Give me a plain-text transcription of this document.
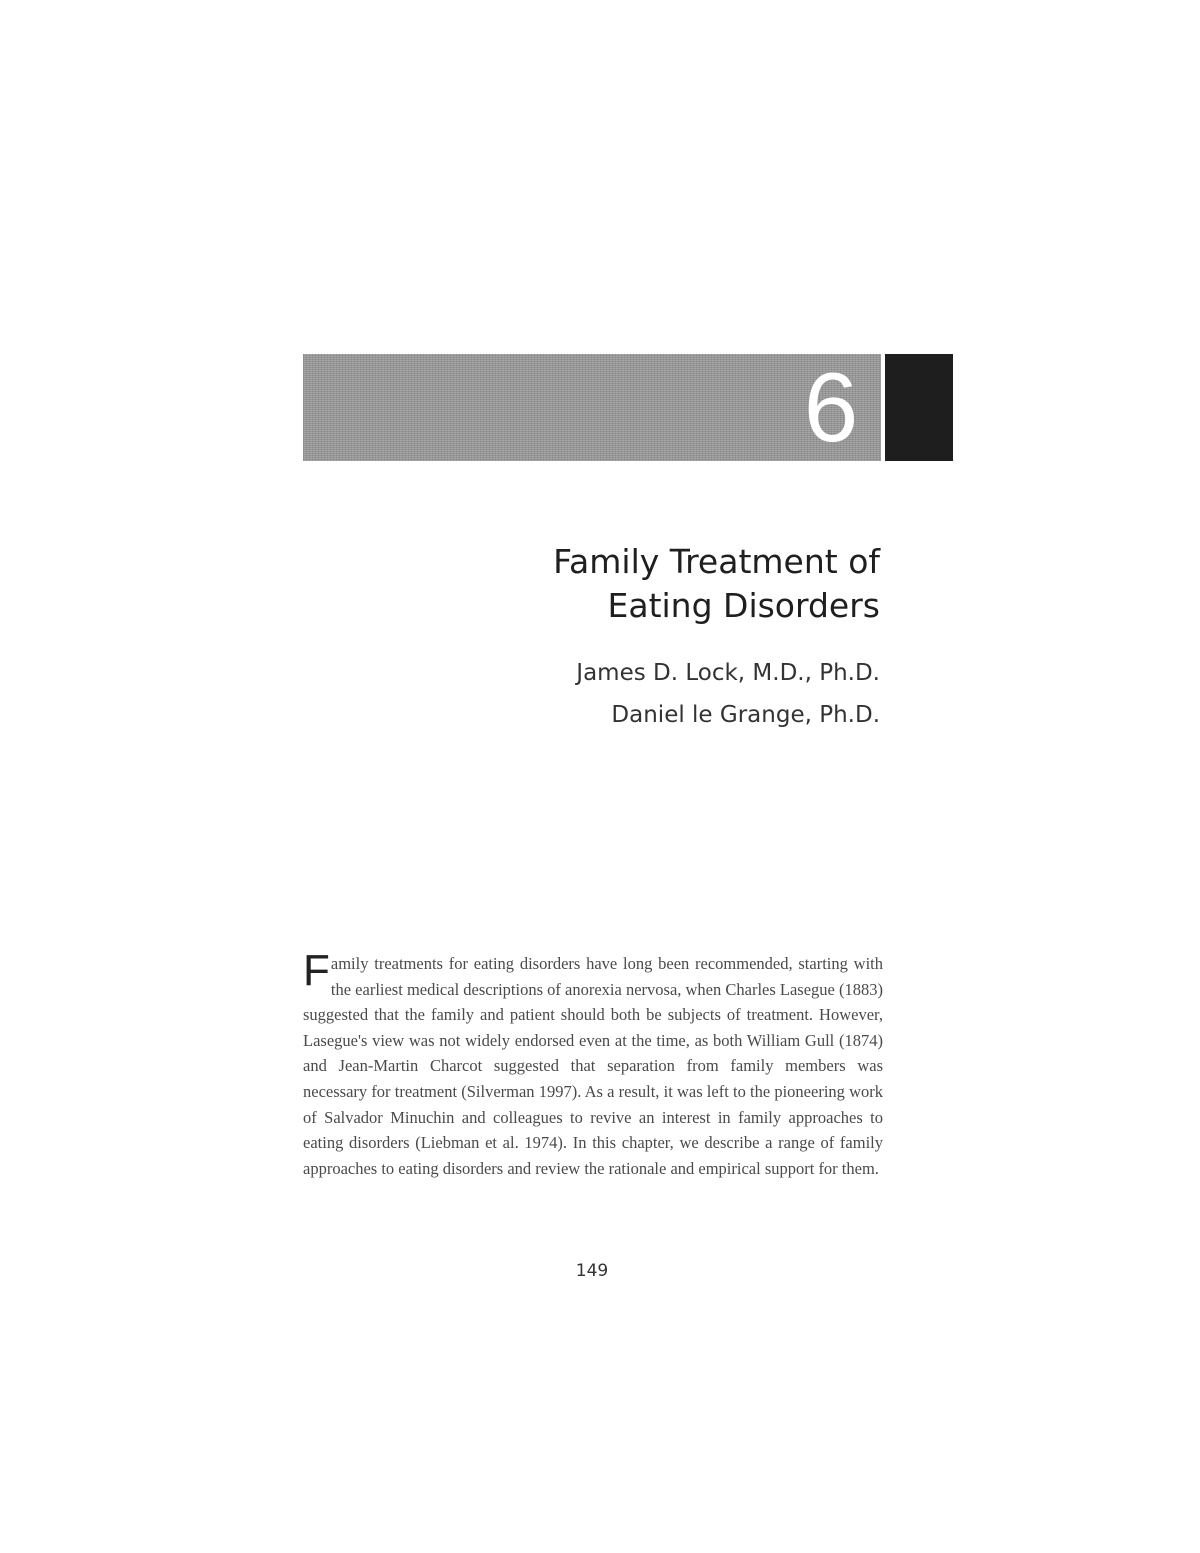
6
Family Treatment of
Eating Disorders
James D. Lock, M.D., Ph.D.
Daniel le Grange, Ph.D.
Family treatments for eating disorders have long been recommended, starting with the earliest medical descriptions of anorexia nervosa, when Charles Lasegue (1883) suggested that the family and patient should both be subjects of treatment. However, Lasegue's view was not widely endorsed even at the time, as both William Gull (1874) and Jean-Martin Charcot suggested that separation from family members was necessary for treatment (Silverman 1997). As a result, it was left to the pioneering work of Salvador Minuchin and colleagues to revive an interest in family approaches to eating disorders (Liebman et al. 1974). In this chapter, we describe a range of family approaches to eating disorders and review the rationale and empirical support for them.
149
